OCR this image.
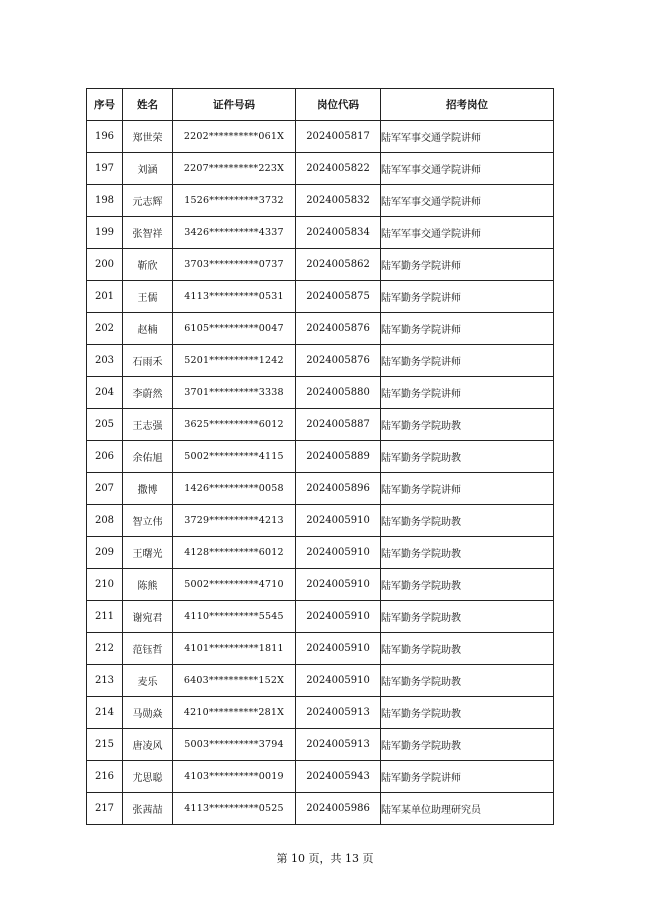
序号	姓名	证件号码	岗位代码	招考岗位
196	郑世荣	2202**********061X	2024005817	陆军军事交通学院讲师
197	刘涵	2207**********223X	2024005822	陆军军事交通学院讲师
198	元志辉	1526**********3732	2024005832	陆军军事交通学院讲师
199	张智祥	3426**********4337	2024005834	陆军军事交通学院讲师
200	靳欣	3703**********0737	2024005862	陆军勤务学院讲师
201	王儒	4113**********0531	2024005875	陆军勤务学院讲师
202	赵楠	6105**********0047	2024005876	陆军勤务学院讲师
203	石雨禾	5201**********1242	2024005876	陆军勤务学院讲师
204	李蔚然	3701**********3338	2024005880	陆军勤务学院讲师
205	王志强	3625**********6012	2024005887	陆军勤务学院助教
206	余佑旭	5002**********4115	2024005889	陆军勤务学院助教
207	撒博	1426**********0058	2024005896	陆军勤务学院讲师
208	智立伟	3729**********4213	2024005910	陆军勤务学院助教
209	王曙光	4128**********6012	2024005910	陆军勤务学院助教
210	陈熊	5002**********4710	2024005910	陆军勤务学院助教
211	谢宛君	4110**********5545	2024005910	陆军勤务学院助教
212	范钰哲	4101**********1811	2024005910	陆军勤务学院助教
213	麦乐	6403**********152X	2024005910	陆军勤务学院助教
214	马勋焱	4210**********281X	2024005913	陆军勤务学院助教
215	唐凌风	5003**********3794	2024005913	陆军勤务学院助教
216	尤思聪	4103**********0019	2024005943	陆军勤务学院讲师
217	张茜喆	4113**********0525	2024005986	陆军某单位助理研究员
第 10 页，共 13 页
